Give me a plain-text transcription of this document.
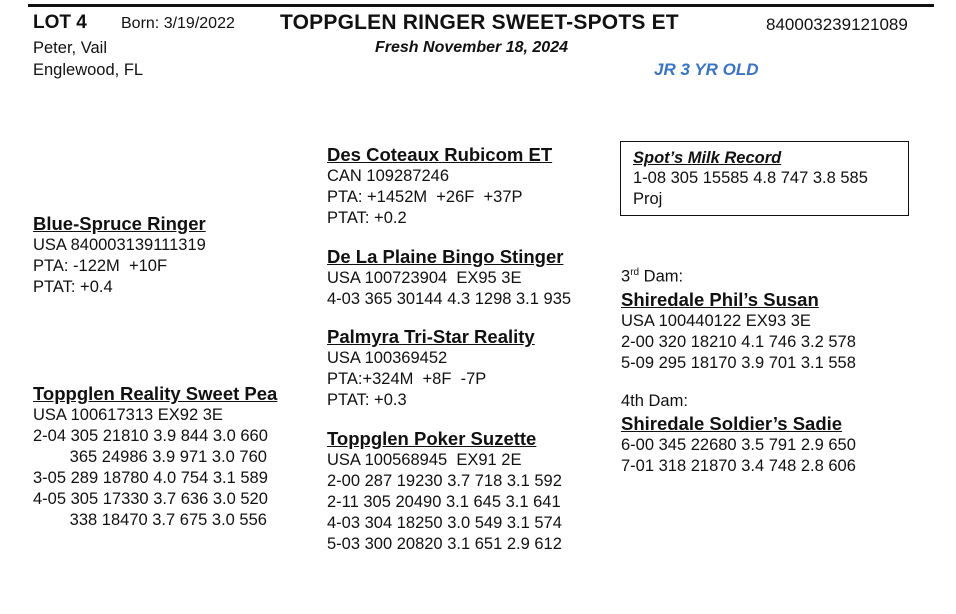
LOT 4 Born: 3/19/2022 TOPPGLEN RINGER SWEET-SPOTS ET	840003239121089
Fresh November 18, 2024
Peter, Vail
Englewood, FL	JR 3 YR OLD
Blue-Spruce Ringer
USA 840003139111319
PTA: -122M  +10F
PTAT: +0.4
Toppglen Reality Sweet Pea
USA 100617313 EX92 3E
2-04 305 21810 3.9 844 3.0 660
365 24986 3.9 971 3.0 760
3-05 289 18780 4.0 754 3.1 589
4-05 305 17330 3.7 636 3.0 520
338 18470 3.7 675 3.0 556
Des Coteaux Rubicom ET
CAN 109287246
PTA: +1452M  +26F  +37P
PTAT: +0.2
De La Plaine Bingo Stinger
USA 100723904  EX95 3E
4-03 365 30144 4.3 1298 3.1 935
Palmyra Tri-Star Reality
USA 100369452
PTA:+324M  +8F  -7P
PTAT: +0.3
Toppglen Poker Suzette
USA 100568945  EX91 2E
2-00 287 19230 3.7 718 3.1 592
2-11 305 20490 3.1 645 3.1 641
4-03 304 18250 3.0 549 3.1 574
5-03 300 20820 3.1 651 2.9 612
Spot’s Milk Record
1-08 305 15585 4.8 747 3.8 585
Proj
3rd Dam:
Shiredale Phil’s Susan
USA 100440122 EX93 3E
2-00 320 18210 4.1 746 3.2 578
5-09 295 18170 3.9 701 3.1 558
4th Dam:
Shiredale Soldier’s Sadie
6-00 345 22680 3.5 791 2.9 650
7-01 318 21870 3.4 748 2.8 606
